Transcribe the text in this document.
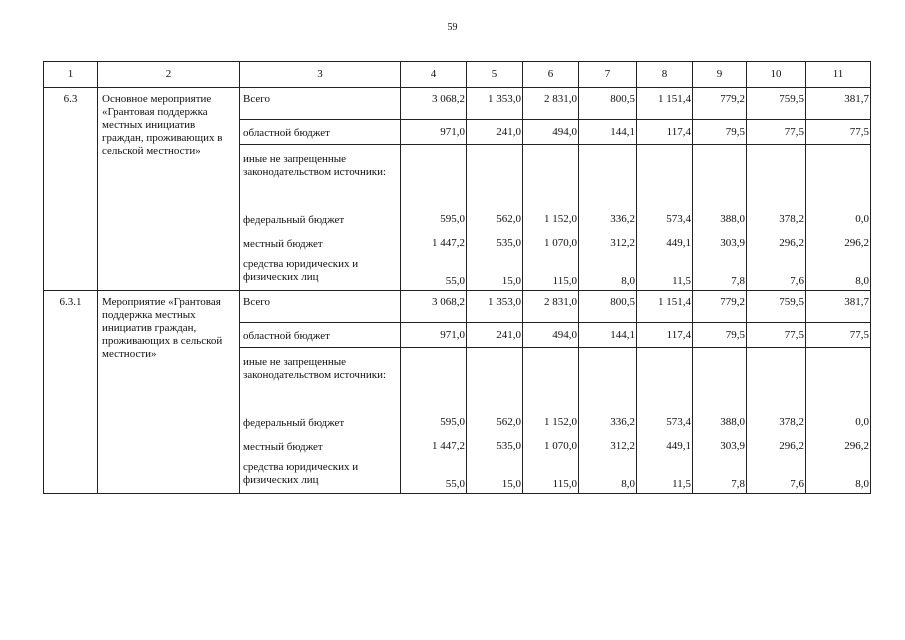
59
1	2	3	4	5	6	7	8	9	10	11
6.3	Основное мероприятие «Грантовая поддержка местных инициатив граждан, проживающих в сельской местности»	Всего	3 068,2	1 353,0	2 831,0	800,5	1 151,4	779,2	759,5	381,7
		областной бюджет	971,0	241,0	494,0	144,1	117,4	79,5	77,5	77,5
		иные не запрещенные законодательством источники:								
		федеральный бюджет	595,0	562,0	1 152,0	336,2	573,4	388,0	378,2	0,0
		местный бюджет	1 447,2	535,0	1 070,0	312,2	449,1	303,9	296,2	296,2
		средства юридических и физических лиц	55,0	15,0	115,0	8,0	11,5	7,8	7,6	8,0
6.3.1	Мероприятие «Грантовая поддержка местных инициатив граждан, проживающих в сельской местности»	Всего	3 068,2	1 353,0	2 831,0	800,5	1 151,4	779,2	759,5	381,7
		областной бюджет	971,0	241,0	494,0	144,1	117,4	79,5	77,5	77,5
		иные не запрещенные законодательством источники:								
		федеральный бюджет	595,0	562,0	1 152,0	336,2	573,4	388,0	378,2	0,0
		местный бюджет	1 447,2	535,0	1 070,0	312,2	449,1	303,9	296,2	296,2
		средства юридических и физических лиц	55,0	15,0	115,0	8,0	11,5	7,8	7,6	8,0
